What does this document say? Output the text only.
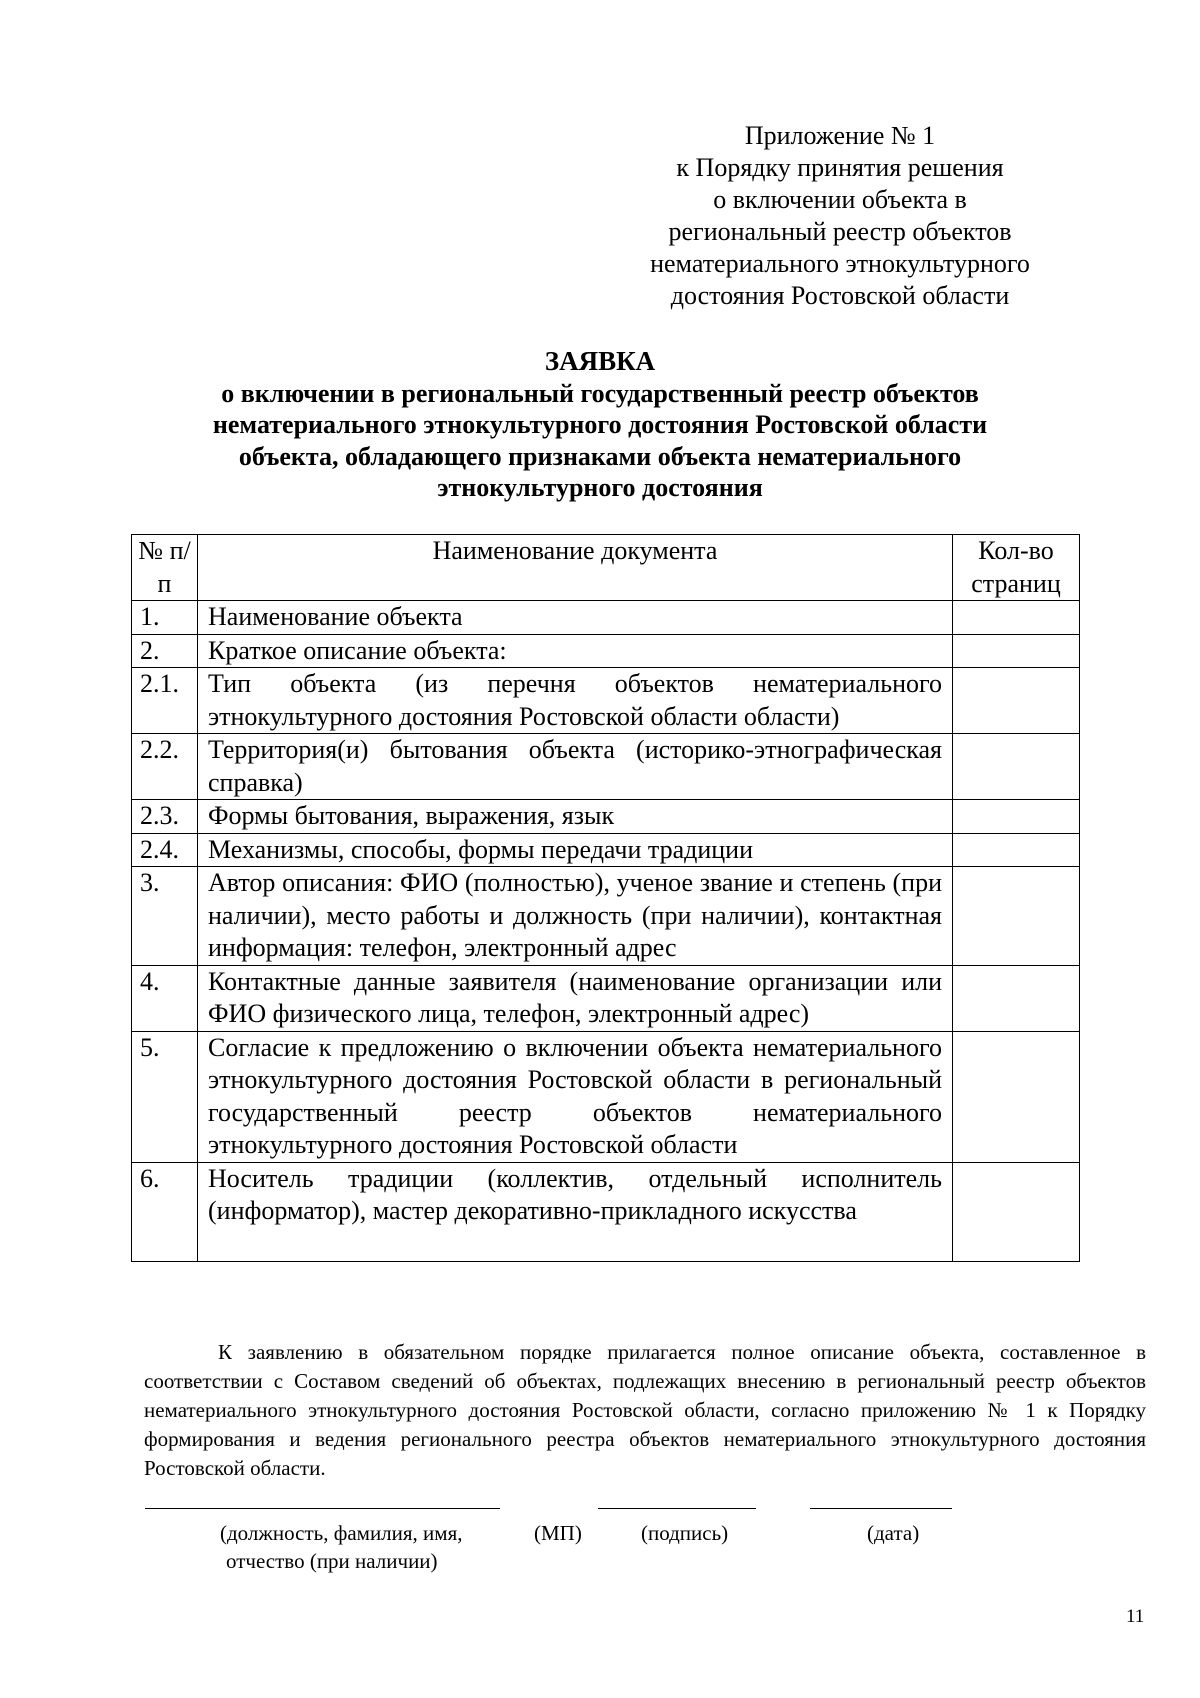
Приложение № 1
к Порядку принятия решения
о включении объекта в
региональный реестр объектов
нематериального этнокультурного
достояния Ростовской области
ЗАЯВКА
о включении в региональный государственный реестр объектов
нематериального этнокультурного достояния Ростовской области
объекта, обладающего признаками объекта нематериального
этнокультурного достояния
№ п/п	Наименование документа	Кол-во страниц
1.	Наименование объекта	
2.	Краткое описание объекта:	
2.1.	Тип объекта (из перечня объектов нематериального этнокультурного достояния Ростовской области области)	
2.2.	Территория(и) бытования объекта (историко-этнографическая справка)	
2.3.	Формы бытования, выражения, язык	
2.4.	Механизмы, способы, формы передачи традиции	
3.	Автор описания: ФИО (полностью), ученое звание и степень (при наличии), место работы и должность (при наличии), контактная информация: телефон, электронный адрес	
4.	Контактные данные заявителя (наименование организации или ФИО физического лица, телефон, электронный адрес)	
5.	Согласие к предложению о включении объекта нематериального этнокультурного достояния Ростовской области в региональный государственный реестр объектов нематериального этнокультурного достояния Ростовской области	
6.	Носитель традиции (коллектив, отдельный исполнитель (информатор), мастер декоративно-прикладного искусства	

К заявлению в обязательном порядке прилагается полное описание объекта, составленное в соответствии с Составом сведений об объектах, подлежащих внесению в региональный реестр объектов нематериального этнокультурного достояния Ростовской области, согласно приложению № 1 к Порядку формирования и ведения регионального реестра объектов нематериального этнокультурного достояния Ростовской области.

(должность, фамилия, имя,
отчество (при наличии)
(МП)	(подпись)	(дата)
11
